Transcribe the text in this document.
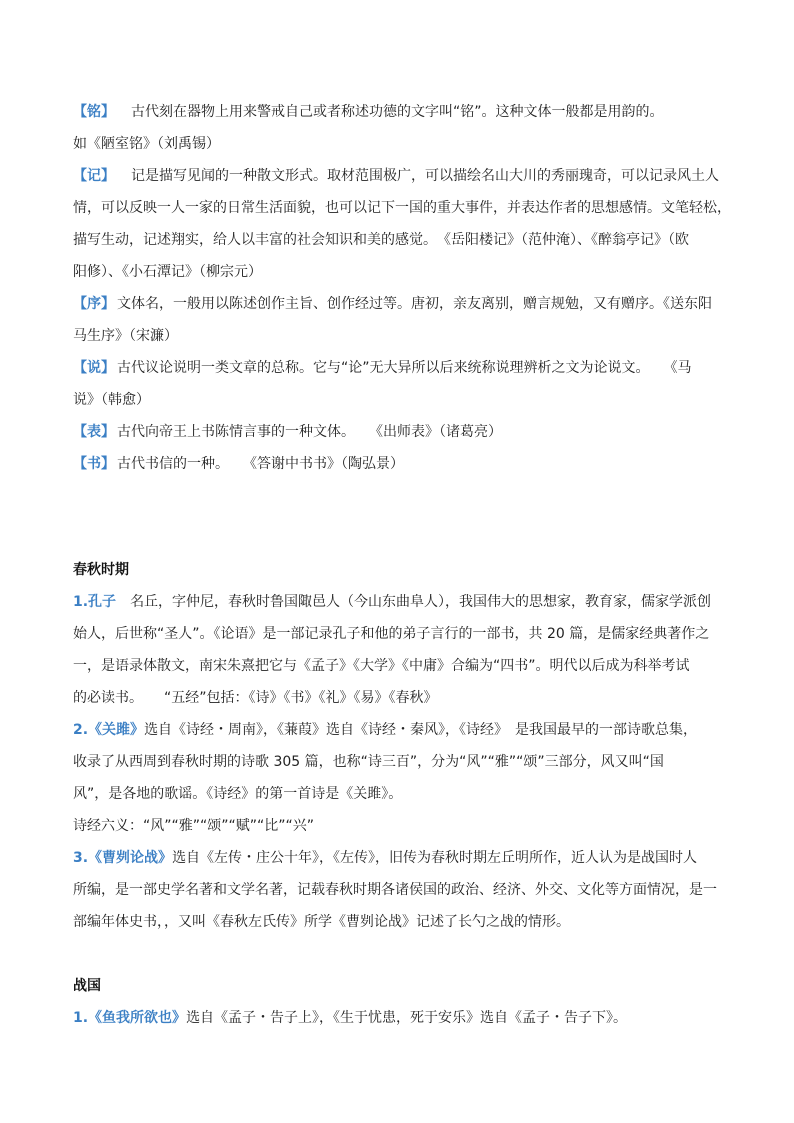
【铭】 古代刻在器物上用来警戒自己或者称述功德的文字叫“铭”。这种文体一般都是用韵的。
如《陋室铭》（刘禹锡）
【记】 记是描写见闻的一种散文形式。取材范围极广，可以描绘名山大川的秀丽瑰奇，可以记录风土人
情，可以反映一人一家的日常生活面貌，也可以记下一国的重大事件，并表达作者的思想感情。文笔轻松，
描写生动，记述翔实，给人以丰富的社会知识和美的感觉。　《岳阳楼记》（范仲淹）、《醉翁亭记》（欧
阳修）、《小石潭记》（柳宗元）
【序】 文体名，一般用以陈述创作主旨、创作经过等。唐初，亲友离别，赠言规勉，又有赠序。《送东阳
马生序》（宋濂）
【说】 古代议论说明一类文章的总称。它与“论”无大异所以后来统称说理辨析之文为论说文。　　《马
说》（韩愈）
【表】 古代向帝王上书陈情言事的一种文体。　　《出师表》（诸葛亮）
【书】 古代书信的一种。　　《答谢中书书》（陶弘景）
春秋时期
1.孔子 名丘，字仲尼，春秋时鲁国陬邑人（今山东曲阜人），我国伟大的思想家，教育家，儒家学派创
始人，后世称“圣人”。《论语》是一部记录孔子和他的弟子言行的一部书，共 20 篇，是儒家经典著作之
一，是语录体散文，南宋朱熹把它与《孟子》《大学》《中庸》合编为“四书”。明代以后成为科举考试
的必读书。　　“五经”包括：《诗》《书》《礼》《易》《春秋》
2.《关雎》选自《诗经・周南》，《蒹葭》选自《诗经・秦风》，《诗经》　是我国最早的一部诗歌总集，
收录了从西周到春秋时期的诗歌 305 篇，也称“诗三百”，分为“风”“雅”“颂”三部分，风又叫“国
风”，是各地的歌谣。《诗经》的第一首诗是《关雎》。
诗经六义：“风”“雅”“颂”“赋”“比”“兴”
3.《曹刿论战》选自《左传・庄公十年》，《左传》，旧传为春秋时期左丘明所作，近人认为是战国时人
所编，是一部史学名著和文学名著，记载春秋时期各诸侯国的政治、经济、外交、文化等方面情况，是一
部编年体史书，，又叫《春秋左氏传》所学《曹刿论战》记述了长勺之战的情形。
战国
1.《鱼我所欲也》选自《孟子・告子上》，《生于忧患，死于安乐》选自《孟子・告子下》。
